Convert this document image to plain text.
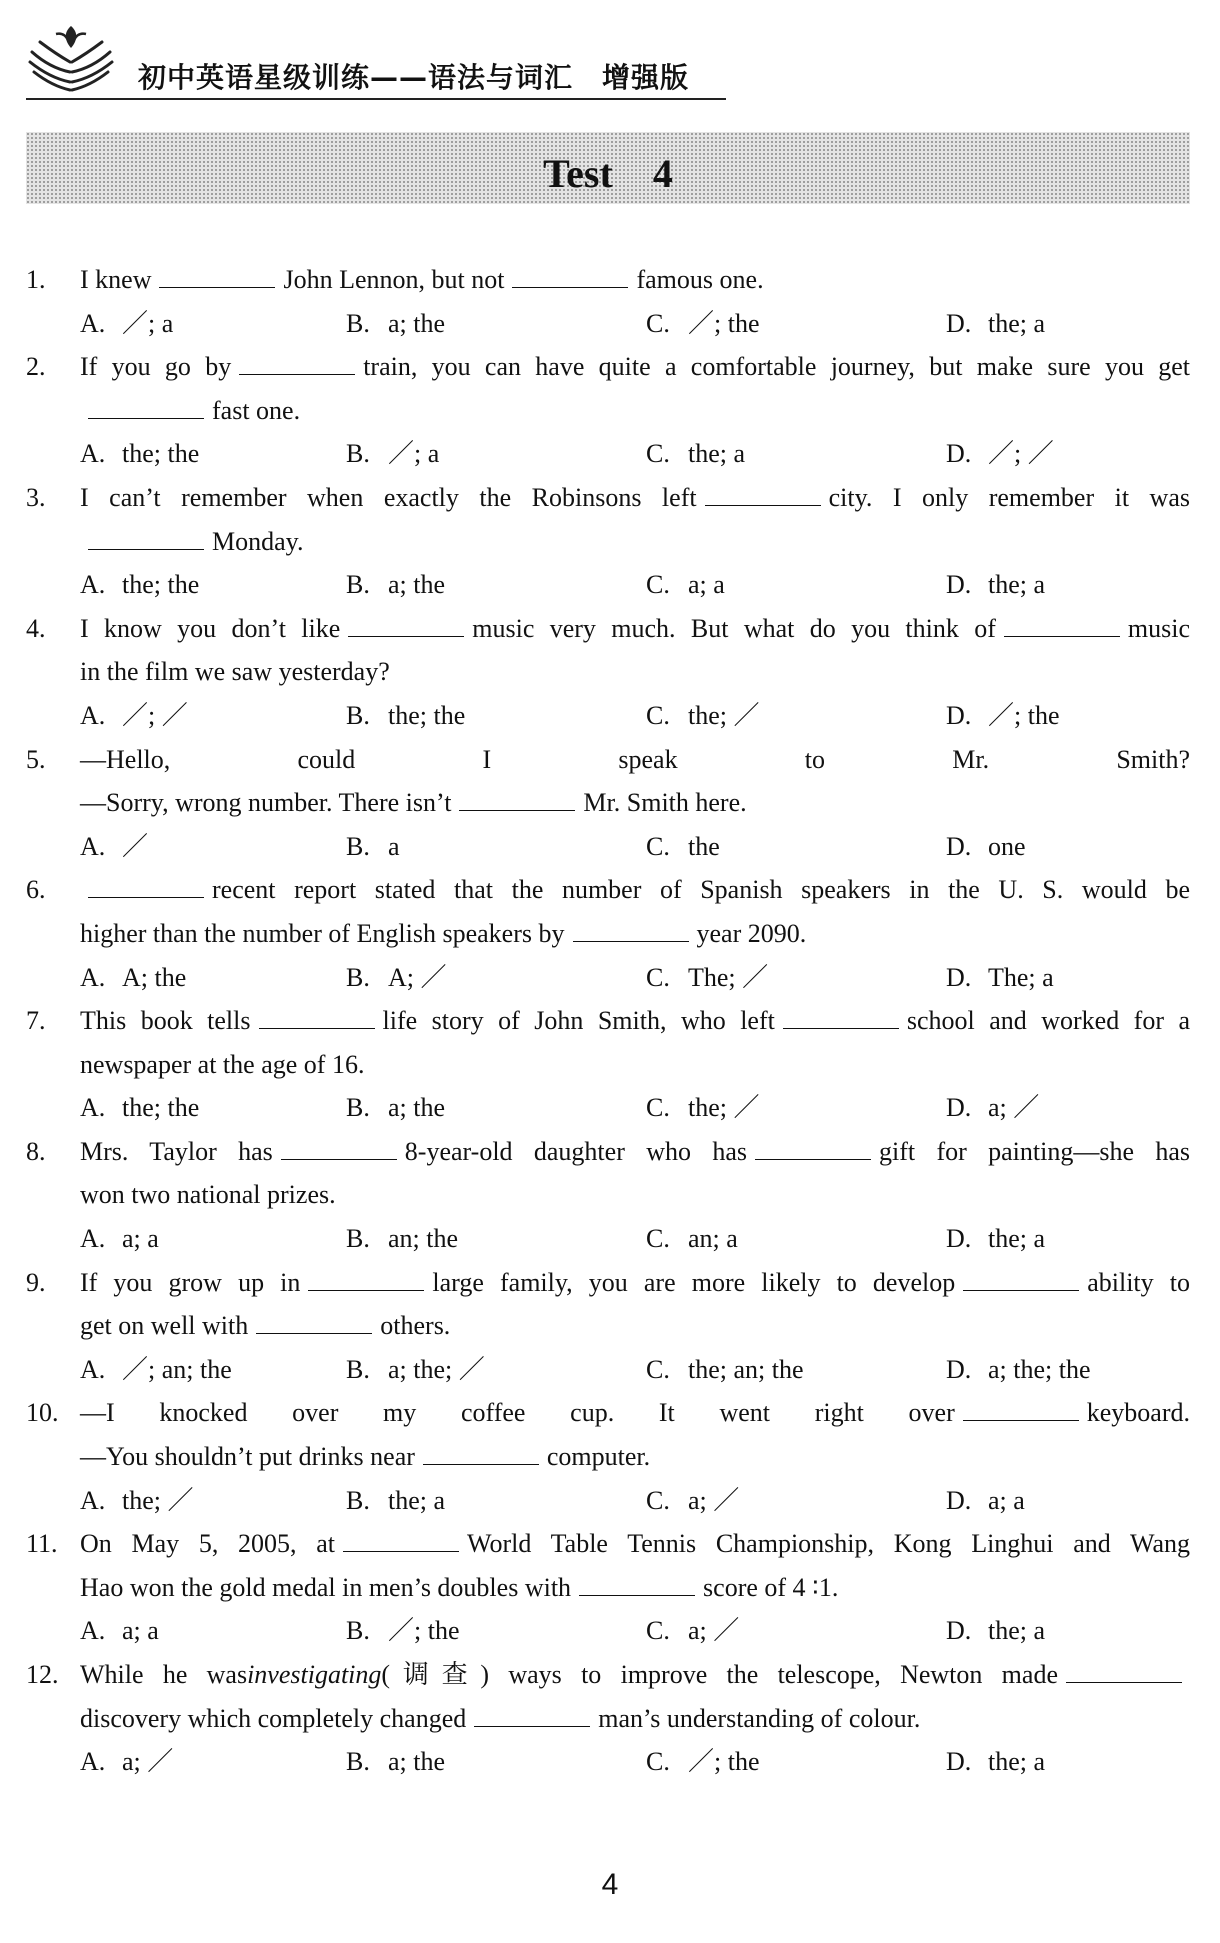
初中英语星级训练——语法与词汇　增强版
Test　4
1.	I knew	John Lennon, but not	famous one.
A. ／; a	B. a; the	C. ／; the	D. the; a
2.	If you go by	train, you can have quite a comfortable journey, but make sure you get
fast one.
A. the; the	B. ／; a	C. the; a	D. ／; ／
3.	I can’t remember when exactly the Robinsons left	city. I only remember it was
Monday.
A. the; the	B. a; the	C. a; a	D. the; a
4.	I know you don’t like	music very much. But what do you think of	music
in the film we saw yesterday?
A. ／; ／	B. the; the	C. the; ／	D. ／; the
5.	—Hello, could I speak to Mr. Smith?
—Sorry, wrong number. There isn’t	Mr. Smith here.
A. ／	B. a	C. the	D. one
6.	recent report stated that the number of Spanish speakers in the U. S. would be
higher than the number of English speakers by	year 2090.
A. A; the	B. A; ／	C. The; ／	D. The; a
7.	This book tells	life story of John Smith, who left	school and worked for a
newspaper at the age of 16.
A. the; the	B. a; the	C. the; ／	D. a; ／
8.	Mrs. Taylor has	8-year-old daughter who has	gift for painting—she has
won two national prizes.
A. a; a	B. an; the	C. an; a	D. the; a
9.	If you grow up in	large family, you are more likely to develop	ability to
get on well with	others.
A. ／; an; the	B. a; the; ／	C. the; an; the	D. a; the; the
10. —I knocked over my coffee cup. It went right over	keyboard.
—You shouldn’t put drinks near	computer.
A. the; ／	B. the; a	C. a; ／	D. a; a
11. On May 5, 2005, at	World Table Tennis Championship, Kong Linghui and Wang
Hao won the gold medal in men’s doubles with	score of 4 ∶1.
A. a; a	B. ／; the	C. a; ／	D. the; a
12. While he wasinvestigating(调查) ways to improve the telescope, Newton made
discovery which completely changed	man’s understanding of colour.
A. a; ／	B. a; the	C. ／; the	D. the; a
4
